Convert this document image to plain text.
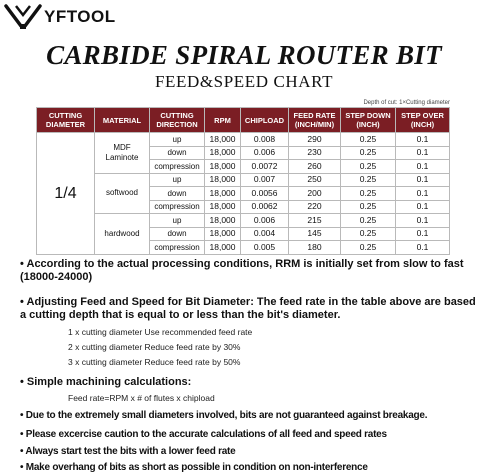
YFTOOL
CARBIDE SPIRAL ROUTER BIT
FEED&SPEED CHART
Depth of cut: 1×Cutting diameter
CUTTING DIAMETER	MATERIAL	CUTTING DIRECTION	RPM	CHIPLOAD	FEED RATE (INCH/MIN)	STEP DOWN (INCH)	STEP OVER (INCH)
1/4	MDF Laminote	up	18,000	0.008	290	0.25	0.1
		down	18,000	0.006	230	0.25	0.1
		compression	18,000	0.0072	260	0.25	0.1
	softwood	up	18,000	0.007	250	0.25	0.1
		down	18,000	0.0056	200	0.25	0.1
		compression	18,000	0.0062	220	0.25	0.1
	hardwood	up	18,000	0.006	215	0.25	0.1
		down	18,000	0.004	145	0.25	0.1
		compression	18,000	0.005	180	0.25	0.1

• According to the actual processing conditions, RRM is initially set from slow to fast (18000-24000)

• Adjusting Feed and Speed for Bit Diameter: The feed rate in the table above are based a cutting depth that is equal to or less than the bit's diameter.

1 x cutting diameter Use recommended feed rate

2 x cutting diameter Reduce feed rate by 30%

3 x cutting diameter Reduce feed rate by 50%

• Simple machining calculations:

Feed rate=RPM x # of flutes x chipload

• Due to the extremely small diameters involved, bits are not guaranteed against breakage.

• Please excercise caution to the accurate calculations of all feed and speed rates

• Always start test the bits with a lower feed rate

• Make overhang of bits as short as possible in condition on non-interference
